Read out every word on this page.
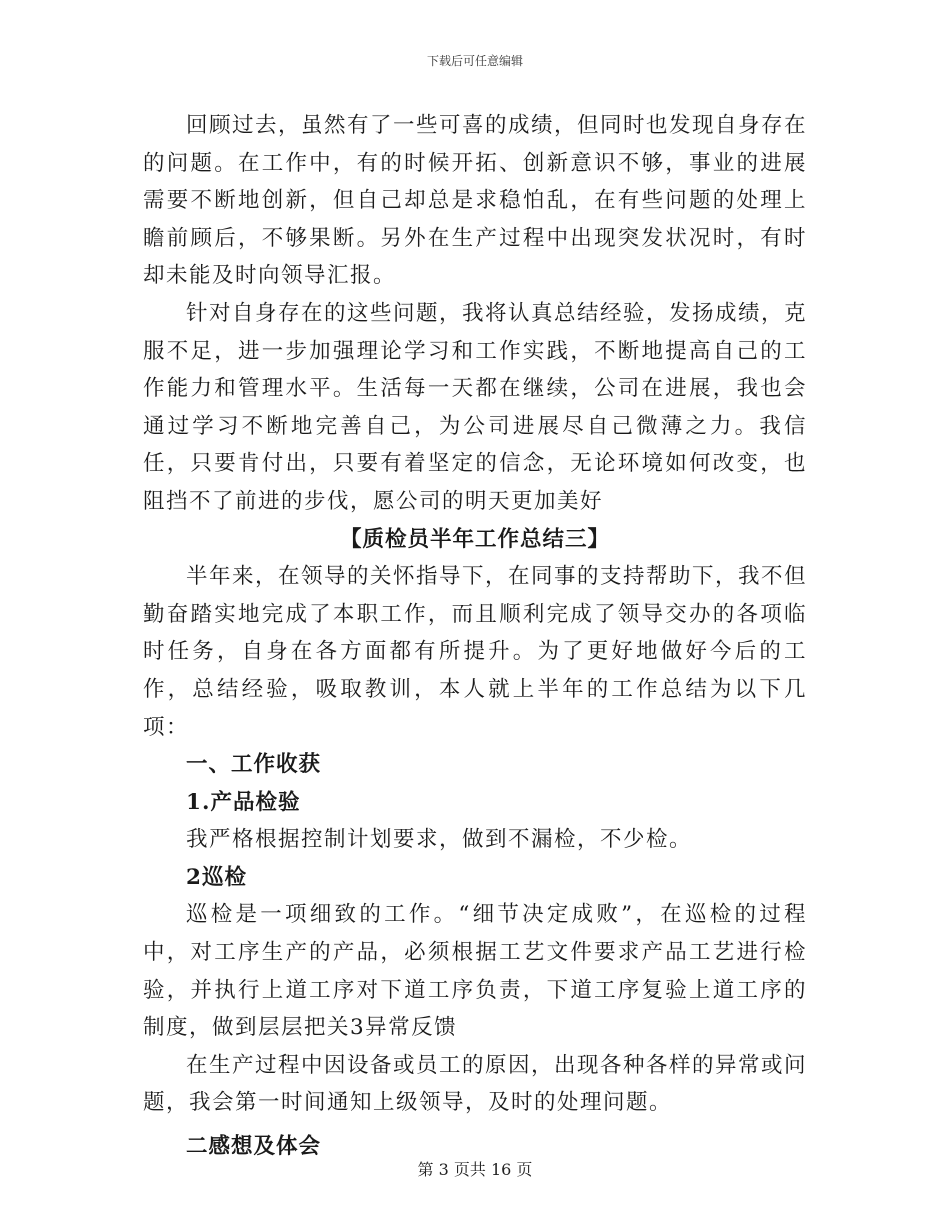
下载后可任意编辑

回顾过去，虽然有了一些可喜的成绩，但同时也发现自身存在的问题。在工作中，有的时候开拓、创新意识不够，事业的进展需要不断地创新，但自己却总是求稳怕乱，在有些问题的处理上瞻前顾后，不够果断。另外在生产过程中出现突发状况时，有时却未能及时向领导汇报。

针对自身存在的这些问题，我将认真总结经验，发扬成绩，克服不足，进一步加强理论学习和工作实践，不断地提高自己的工作能力和管理水平。生活每一天都在继续，公司在进展，我也会通过学习不断地完善自己，为公司进展尽自己微薄之力。我信任，只要肯付出，只要有着坚定的信念，无论环境如何改变，也阻挡不了前进的步伐，愿公司的明天更加美好

【质检员半年工作总结三】

半年来，在领导的关怀指导下，在同事的支持帮助下，我不但勤奋踏实地完成了本职工作，而且顺利完成了领导交办的各项临时任务，自身在各方面都有所提升。为了更好地做好今后的工作，总结经验，吸取教训，本人就上半年的工作总结为以下几项：

一、工作收获

1.产品检验

我严格根据控制计划要求，做到不漏检，不少检。

2巡检

巡检是一项细致的工作。“细节决定成败”，在巡检的过程中，对工序生产的产品，必须根据工艺文件要求产品工艺进行检验，并执行上道工序对下道工序负责，下道工序复验上道工序的制度，做到层层把关3异常反馈

在生产过程中因设备或员工的原因，出现各种各样的异常或问题，我会第一时间通知上级领导，及时的处理问题。

二感想及体会

第 3 页共 16 页
